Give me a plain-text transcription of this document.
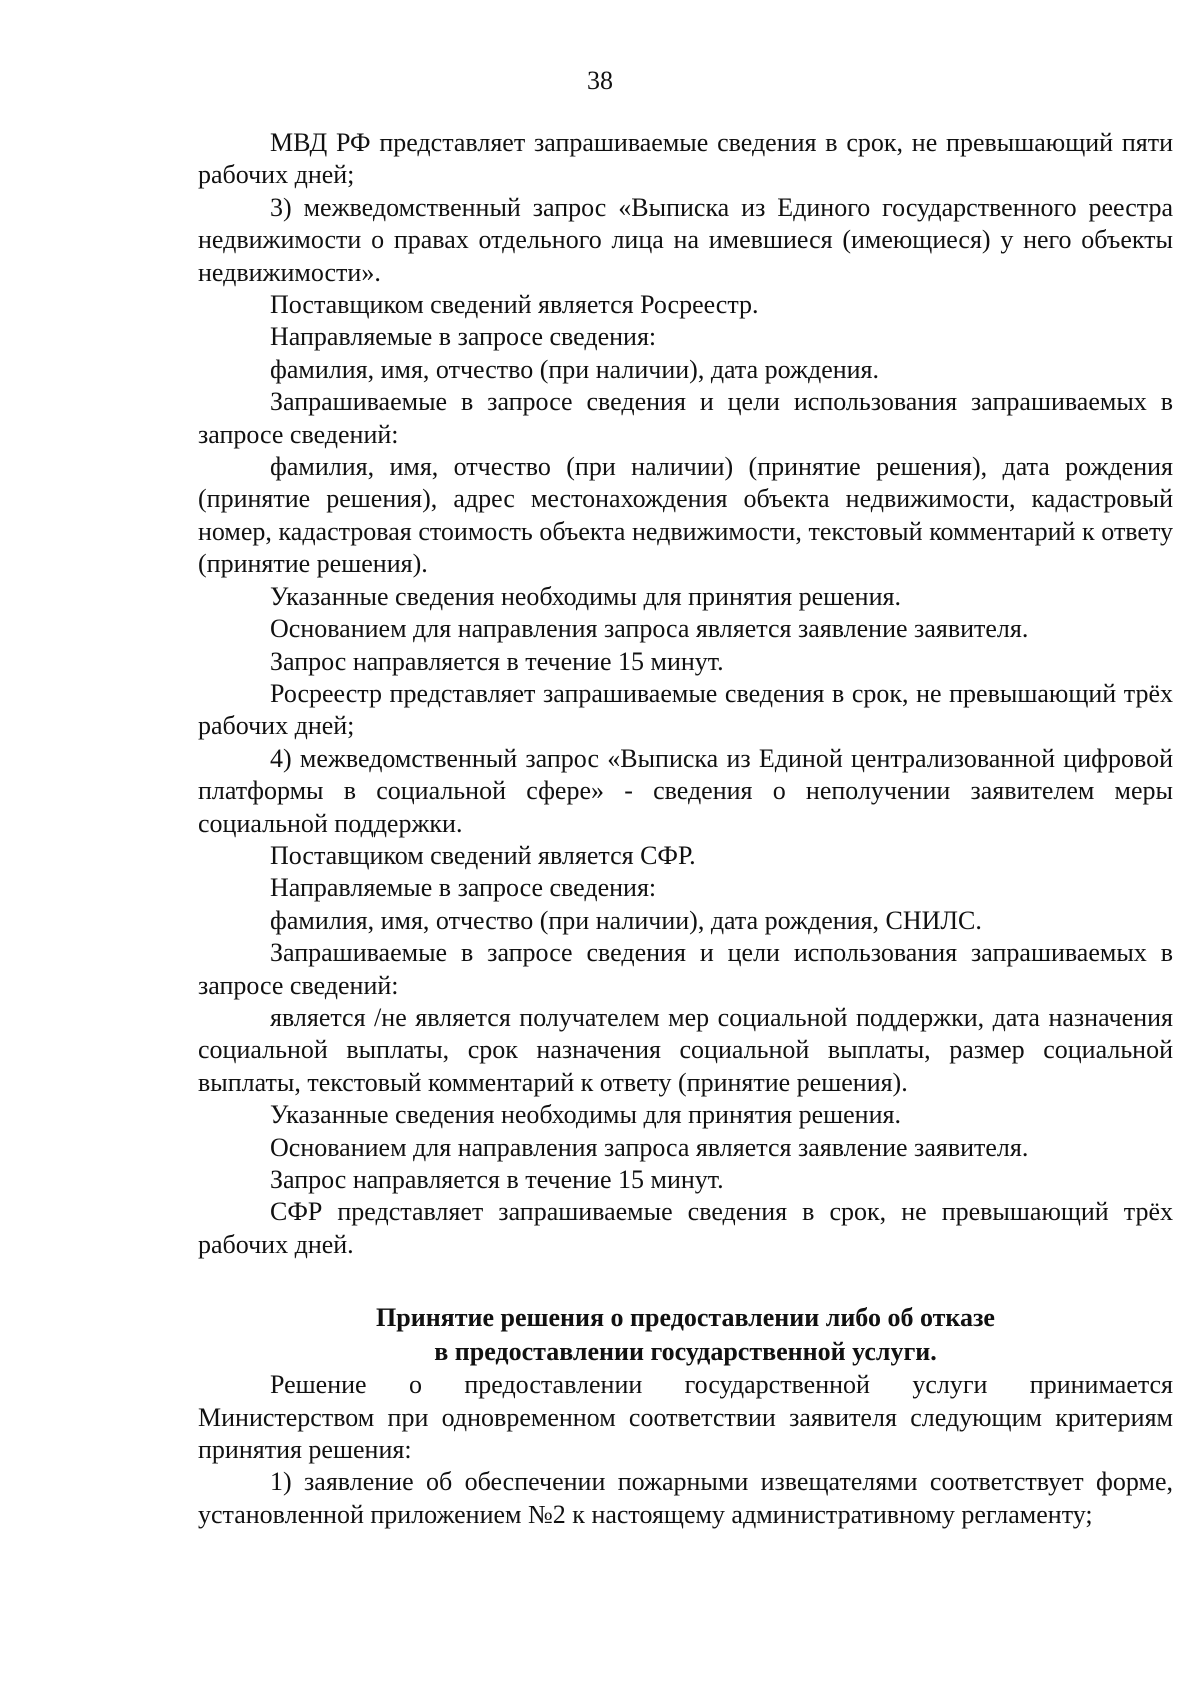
38

МВД РФ представляет запрашиваемые сведения в срок, не превышающий пяти рабочих дней;

3) межведомственный запрос «Выписка из Единого государственного реестра недвижимости о правах отдельного лица на имевшиеся (имеющиеся) у него объекты недвижимости».

Поставщиком сведений является Росреестр.

Направляемые в запросе сведения:

фамилия, имя, отчество (при наличии), дата рождения.

Запрашиваемые в запросе сведения и цели использования запрашиваемых в запросе сведений:

фамилия, имя, отчество (при наличии) (принятие решения), дата рождения (принятие решения), адрес местонахождения объекта недвижимости, кадастровый номер, кадастровая стоимость объекта недвижимости, текстовый комментарий к ответу (принятие решения).

Указанные сведения необходимы для принятия решения.

Основанием для направления запроса является заявление заявителя.

Запрос направляется в течение 15 минут.

Росреестр представляет запрашиваемые сведения в срок, не превышающий трёх рабочих дней;

4) межведомственный запрос «Выписка из Единой централизованной цифровой платформы в социальной сфере» - сведения о неполучении заявителем меры социальной поддержки.

Поставщиком сведений является СФР.

Направляемые в запросе сведения:

фамилия, имя, отчество (при наличии), дата рождения, СНИЛС.

Запрашиваемые в запросе сведения и цели использования запрашиваемых в запросе сведений:

является /не является получателем мер социальной поддержки, дата назначения социальной выплаты, срок назначения социальной выплаты, размер социальной выплаты, текстовый комментарий к ответу (принятие решения).

Указанные сведения необходимы для принятия решения.

Основанием для направления запроса является заявление заявителя.

Запрос направляется в течение 15 минут.

СФР представляет запрашиваемые сведения в срок, не превышающий трёх рабочих дней.

Принятие решения о предоставлении либо об отказе
в предоставлении государственной услуги.

Решение о предоставлении государственной услуги принимается Министерством при одновременном соответствии заявителя следующим критериям принятия решения:

1) заявление об обеспечении пожарными извещателями соответствует форме, установленной приложением №2 к настоящему административному регламенту;
